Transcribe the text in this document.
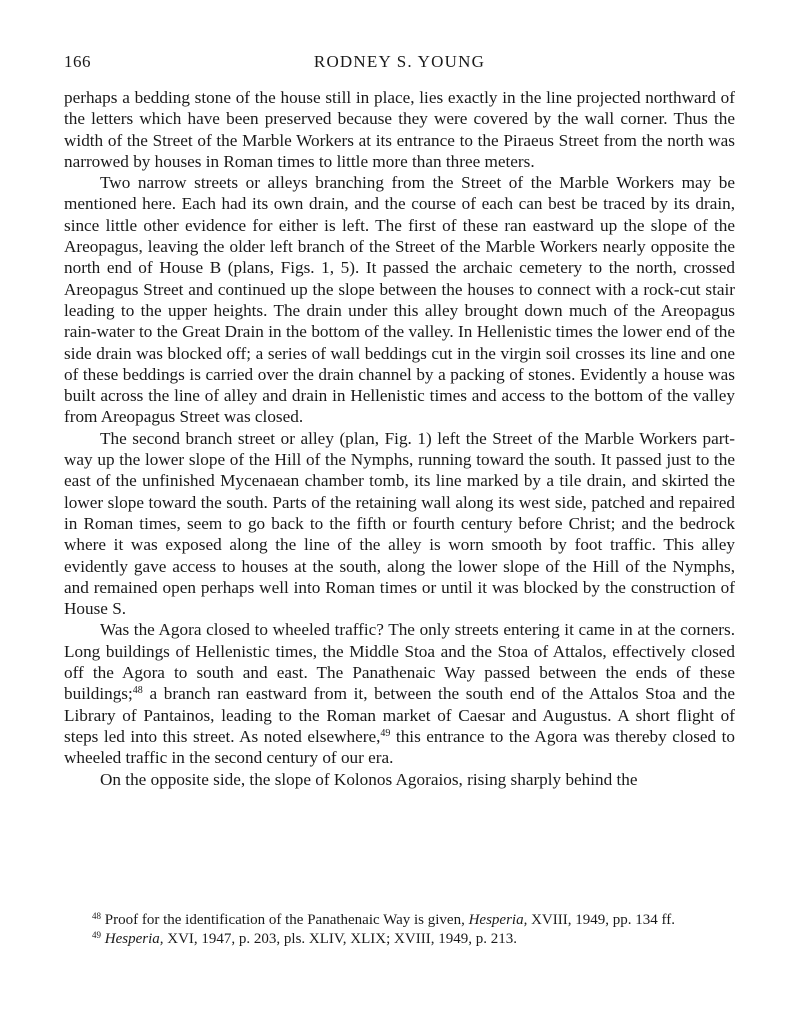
166	RODNEY S. YOUNG

perhaps a bedding stone of the house still in place, lies exactly in the line projected northward of the letters which have been preserved because they were covered by the wall corner. Thus the width of the Street of the Marble Workers at its entrance to the Piraeus Street from the north was narrowed by houses in Roman times to little more than three meters.

Two narrow streets or alleys branching from the Street of the Marble Workers may be mentioned here. Each had its own drain, and the course of each can best be traced by its drain, since little other evidence for either is left. The first of these ran eastward up the slope of the Areopagus, leaving the older left branch of the Street of the Marble Workers nearly opposite the north end of House B (plans, Figs. 1, 5). It passed the archaic cemetery to the north, crossed Areopagus Street and continued up the slope between the houses to connect with a rock-cut stair leading to the upper heights. The drain under this alley brought down much of the Areopagus rain-water to the Great Drain in the bottom of the valley. In Hellenistic times the lower end of the side drain was blocked off; a series of wall beddings cut in the virgin soil crosses its line and one of these beddings is carried over the drain channel by a packing of stones. Evidently a house was built across the line of alley and drain in Hellenistic times and access to the bottom of the valley from Areopagus Street was closed.

The second branch street or alley (plan, Fig. 1) left the Street of the Marble Workers part-way up the lower slope of the Hill of the Nymphs, running toward the south. It passed just to the east of the unfinished Mycenaean chamber tomb, its line marked by a tile drain, and skirted the lower slope toward the south. Parts of the retaining wall along its west side, patched and repaired in Roman times, seem to go back to the fifth or fourth century before Christ; and the bedrock where it was exposed along the line of the alley is worn smooth by foot traffic. This alley evidently gave access to houses at the south, along the lower slope of the Hill of the Nymphs, and remained open perhaps well into Roman times or until it was blocked by the construction of House S.

Was the Agora closed to wheeled traffic? The only streets entering it came in at the corners. Long buildings of Hellenistic times, the Middle Stoa and the Stoa of Attalos, effectively closed off the Agora to south and east. The Panathenaic Way passed between the ends of these buildings;$^{48}$ a branch ran eastward from it, between the south end of the Attalos Stoa and the Library of Pantainos, leading to the Roman market of Caesar and Augustus. A short flight of steps led into this street. As noted elsewhere,$^{49}$ this entrance to the Agora was thereby closed to wheeled traffic in the second century of our era.

On the opposite side, the slope of Kolonos Agoraios, rising sharply behind the

$^{48}$ Proof for the identification of the Panathenaic Way is given, Hesperia, XVIII, 1949, pp. 134 ff.

$^{49}$ Hesperia, XVI, 1947, p. 203, pls. XLIV, XLIX; XVIII, 1949, p. 213.
